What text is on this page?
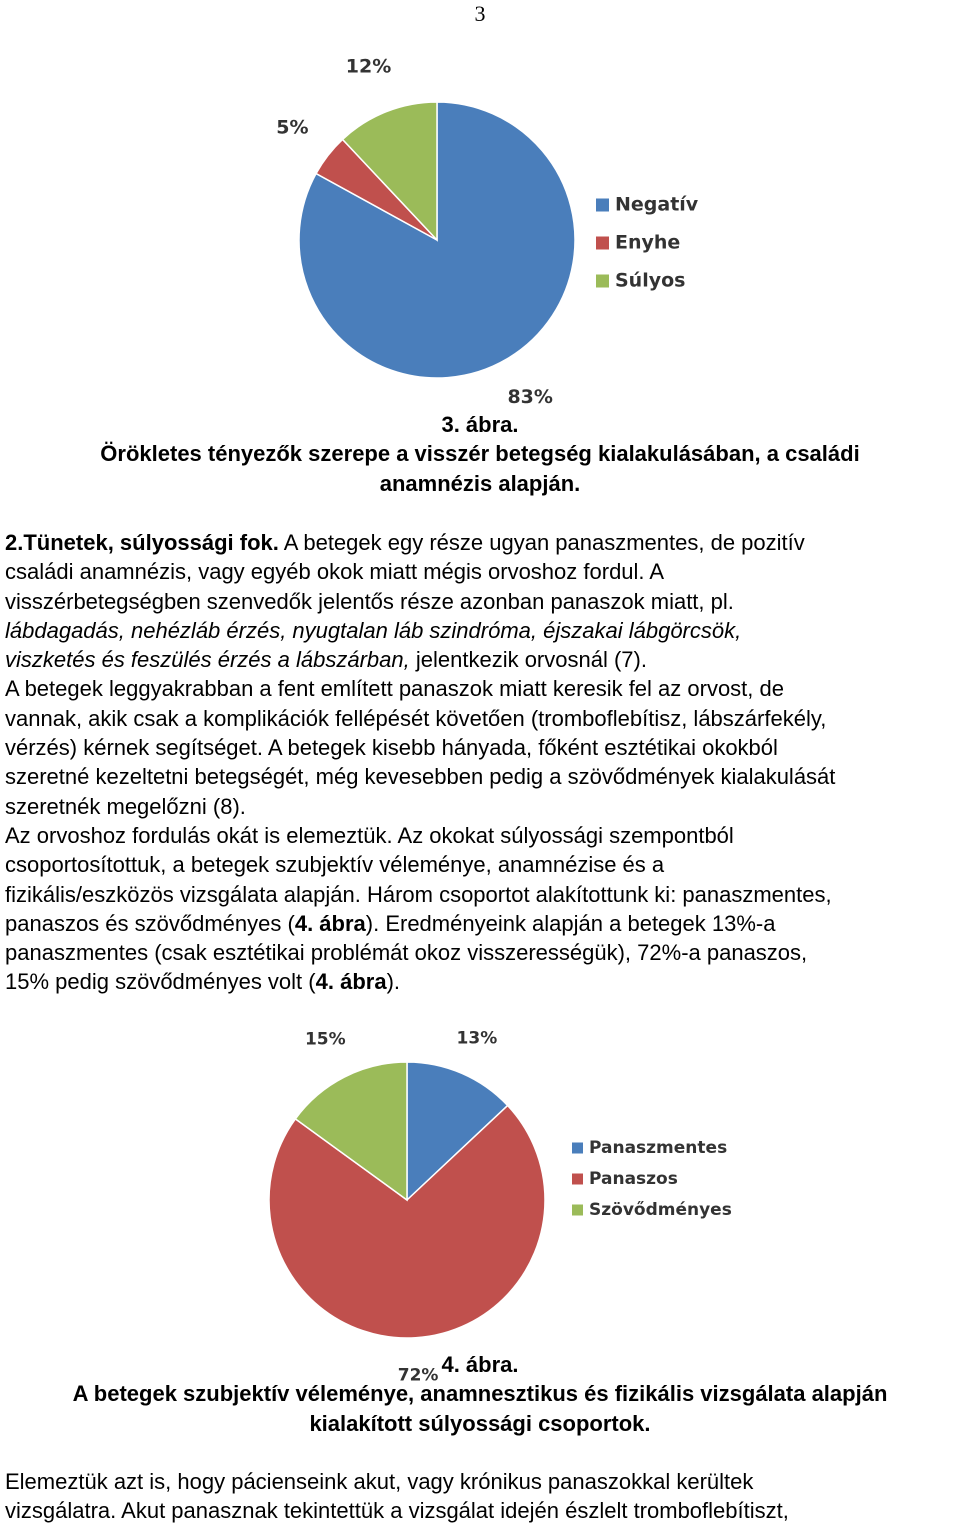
3
83%
5%
12%
Negatív
Enyhe
Súlyos
3. ábra.
Örökletes tényezők szerepe a visszér betegség kialakulásában, a családi
anamnézis alapján.
2.Tünetek, súlyossági fok. A betegek egy része ugyan panaszmentes, de pozitív
családi anamnézis, vagy egyéb okok miatt mégis orvoshoz fordul. A
visszérbetegségben szenvedők jelentős része azonban panaszok miatt, pl.
lábdagadás, nehézláb érzés, nyugtalan láb szindróma, éjszakai lábgörcsök,
viszketés és feszülés érzés a lábszárban, jelentkezik orvosnál (7).
A betegek leggyakrabban a fent említett panaszok miatt keresik fel az orvost, de
vannak, akik csak a komplikációk fellépését követően (tromboflebítisz, lábszárfekély,
vérzés) kérnek segítséget. A betegek kisebb hányada, főként esztétikai okokból
szeretné kezeltetni betegségét, még kevesebben pedig a szövődmények kialakulását
szeretnék megelőzni (8).
Az orvoshoz fordulás okát is elemeztük. Az okokat súlyossági szempontból
csoportosítottuk, a betegek szubjektív véleménye, anamnézise és a
fizikális/eszközös vizsgálata alapján. Három csoportot alakítottunk ki: panaszmentes,
panaszos és szövődményes (4. ábra). Eredményeink alapján a betegek 13%-a
panaszmentes (csak esztétikai problémát okoz visszerességük), 72%-a panaszos,
15% pedig szövődményes volt (4. ábra).
13%
72%
15%
Panaszmentes
Panaszos
Szövődményes
4. ábra.
A betegek szubjektív véleménye, anamnesztikus és fizikális vizsgálata alapján
kialakított súlyossági csoportok.
Elemeztük azt is, hogy pácienseink akut, vagy krónikus panaszokkal kerültek
vizsgálatra. Akut panasznak tekintettük a vizsgálat idején észlelt tromboflebítiszt,
